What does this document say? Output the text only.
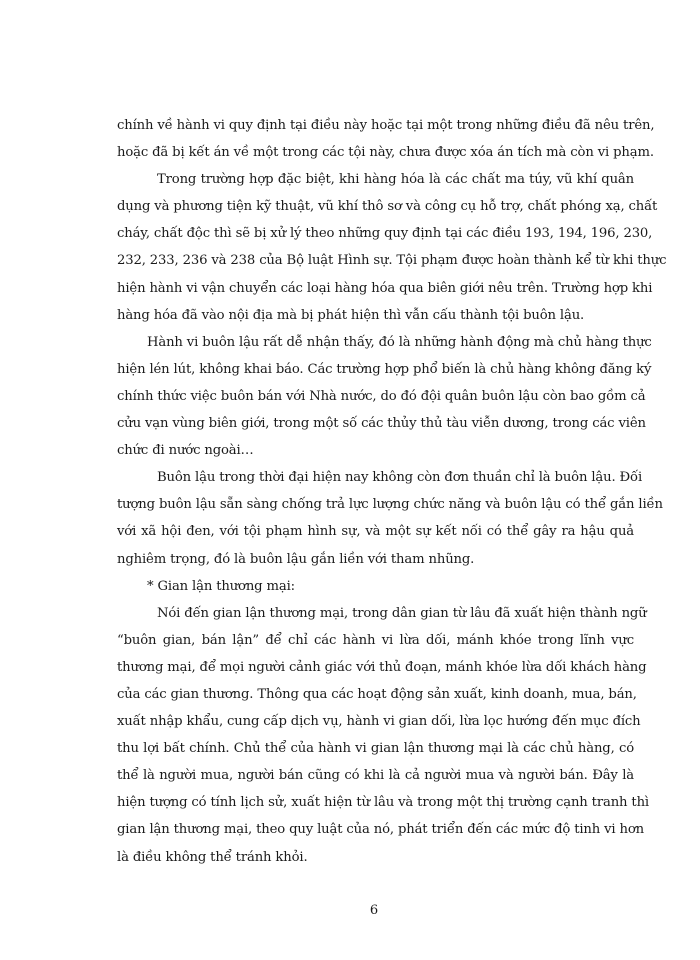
chính về hành vi quy định tại điều này hoặc tại một trong những điều đã nêu trên,
hoặc đã bị kết án về một trong các tội này, chưa được xóa án tích mà còn vi phạm.
Trong trường hợp đặc biệt, khi hàng hóa là các chất ma túy, vũ khí quân
dụng và phương tiện kỹ thuật, vũ khí thô sơ và công cụ hỗ trợ, chất phóng xạ, chất
cháy, chất độc thì sẽ bị xử lý theo những quy định tại các điều 193, 194, 196, 230,
232, 233, 236 và 238 của Bộ luật Hình sự. Tội phạm được hoàn thành kể từ khi thực
hiện hành vi vận chuyển các loại hàng hóa qua biên giới nêu trên. Trường hợp khi
hàng hóa đã vào nội địa mà bị phát hiện thì vẫn cấu thành tội buôn lậu.
Hành vi buôn lậu rất dễ nhận thấy, đó là những hành động mà chủ hàng thực
hiện lén lút, không khai báo. Các trường hợp phổ biến là chủ hàng không đăng ký
chính thức việc buôn bán với Nhà nước, do đó đội quân buôn lậu còn bao gồm cả
cửu vạn vùng biên giới, trong một số các thủy thủ tàu viễn dương, trong các viên
chức đi nước ngoài…
Buôn lậu trong thời đại hiện nay không còn đơn thuần chỉ là buôn lậu. Đối
tượng buôn lậu sẵn sàng chống trả lực lượng chức năng và buôn lậu có thể gắn liền
với xã hội đen, với tội phạm hình sự, và một sự kết nối có thể gây ra hậu quả
nghiêm trọng, đó là buôn lậu gắn liền với tham nhũng.
* Gian lận thương mại:
Nói đến gian lận thương mại, trong dân gian từ lâu đã xuất hiện thành ngữ
“buôn gian, bán lận” để chỉ các hành vi lừa dối, mánh khóe trong lĩnh vực
thương mại, để mọi người cảnh giác với thủ đoạn, mánh khóe lừa dối khách hàng
của các gian thương. Thông qua các hoạt động sản xuất, kinh doanh, mua, bán,
xuất nhập khẩu, cung cấp dịch vụ, hành vi gian dối, lừa lọc hướng đến mục đích
thu lợi bất chính. Chủ thể của hành vi gian lận thương mại là các chủ hàng, có
thể là người mua, người bán cũng có khi là cả người mua và người bán. Đây là
hiện tượng có tính lịch sử, xuất hiện từ lâu và trong một thị trường cạnh tranh thì
gian lận thương mại, theo quy luật của nó, phát triển đến các mức độ tinh vi hơn
là điều không thể tránh khỏi.
6
